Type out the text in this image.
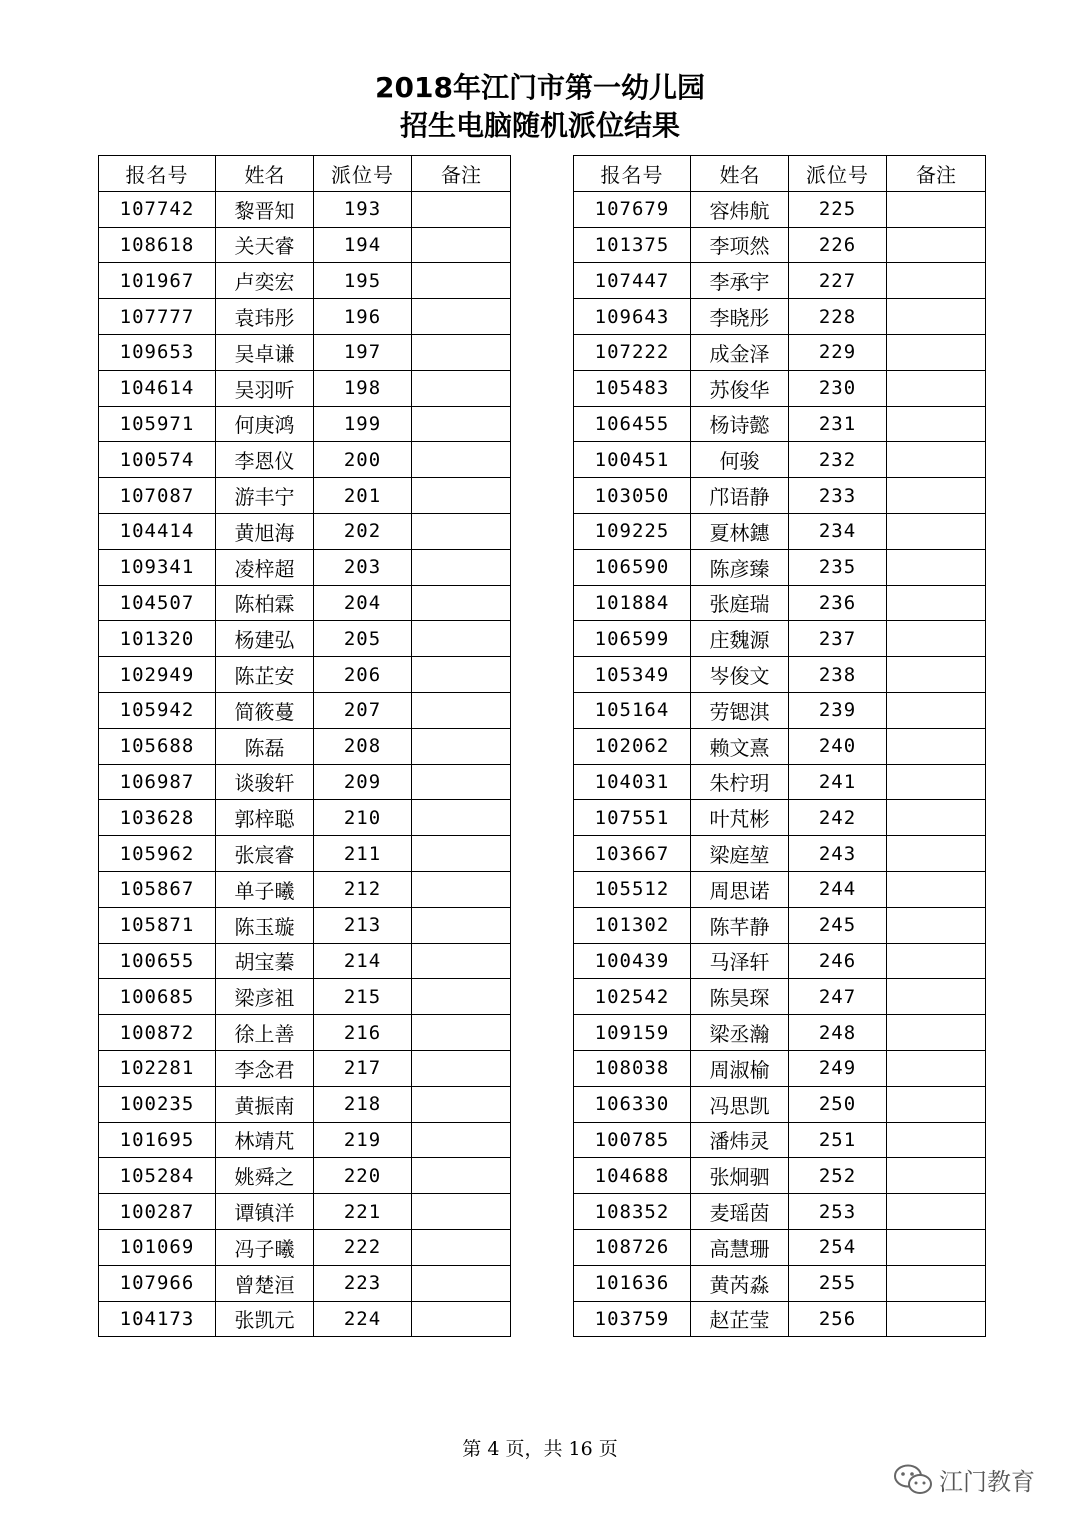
2018年江门市第一幼儿园
招生电脑随机派位结果
报名号	姓名	派位号	备注
107742	黎晋知	193	
108618	关天睿	194	
101967	卢奕宏	195	
107777	袁玮彤	196	
109653	吴卓谦	197	
104614	吴羽听	198	
105971	何庚鸿	199	
100574	李恩仪	200	
107087	游丰宁	201	
104414	黄旭海	202	
109341	凌梓超	203	
104507	陈柏霖	204	
101320	杨建弘	205	
102949	陈芷安	206	
105942	简筱蔓	207	
105688	陈磊	208	
106987	谈骏轩	209	
103628	郭梓聪	210	
105962	张宸睿	211	
105867	单子曦	212	
105871	陈玉璇	213	
100655	胡宝蓁	214	
100685	梁彦祖	215	
100872	徐上善	216	
102281	李念君	217	
100235	黄振南	218	
101695	林靖芃	219	
105284	姚舜之	220	
100287	谭镇洋	221	
101069	冯子曦	222	
107966	曾楚洹	223	
104173	张凯元	224	
报名号	姓名	派位号	备注
107679	容炜航	225	
101375	李项然	226	
107447	李承宇	227	
109643	李晓彤	228	
107222	成金泽	229	
105483	苏俊华	230	
106455	杨诗懿	231	
100451	何骏	232	
103050	邝语静	233	
109225	夏林鏸	234	
106590	陈彦臻	235	
101884	张庭瑞	236	
106599	庄魏源	237	
105349	岑俊文	238	
105164	劳锶淇	239	
102062	赖文熹	240	
104031	朱柠玥	241	
107551	叶芃彬	242	
103667	梁庭堃	243	
105512	周思诺	244	
101302	陈芊静	245	
100439	马泽轩	246	
102542	陈昊琛	247	
109159	梁丞瀚	248	
108038	周淑榆	249	
106330	冯思凯	250	
100785	潘炜灵	251	
104688	张炯驷	252	
108352	麦瑶茵	253	
108726	高慧珊	254	
101636	黄芮淼	255	
103759	赵芷莹	256	
第 4 页，共 16 页
江门教育
